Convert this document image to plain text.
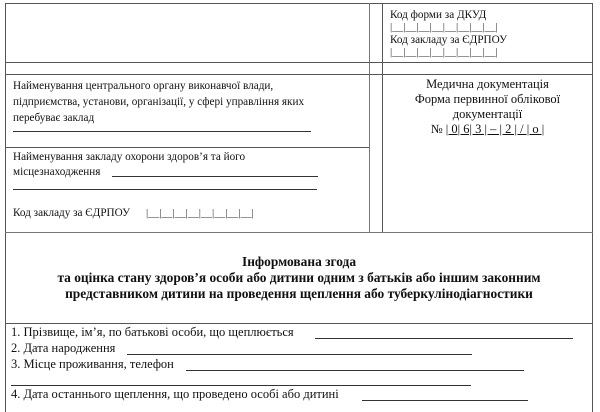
Код форми за ДКУД
|__|__|__|__|__|__|__|__|
Код закладу за ЄДРПОУ
|__|__|__|__|__|__|__|__|
Найменування центрального органу виконавчої влади,
підприємства, установи, організації, у сфері управління яких
перебуває заклад
Найменування закладу охорони здоров’я та його
місцезнаходження
Код закладу за ЄДРПОУ |__|__|__|__|__|__|__|__|
Медична документація
Форма первинної облікової
документації
№ | 0| 6| 3 | – | 2 | / | о |
Інформована згода
та оцінка стану здоров’я особи або дитини одним з батьків або іншим законним
представником дитини на проведення щеплення або туберкулінодіагностики
1. Прізвище, ім’я, по батькові особи, що щеплюється
2. Дата народження
3. Місце проживання, телефон
4. Дата останнього щеплення, що проведено особі або дитині
